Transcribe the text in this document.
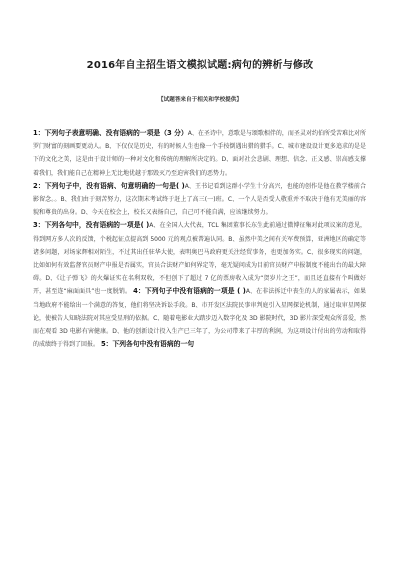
2016年自主招生语文模拟试题:病句的辨析与修改
【试题答来自于相关和学校提供】
1：下列句子表意明确、没有语病的一项是（3 分）A、在圣诗中，意歌是与颂歌相伴的，而圣灵对约伯所受苦难比对所罗门财富的刻画要更动人。B、下仅仅是历史，有的时候人生也像一个手按倒遇出猎的猎手。C、城市建设设计更多追求的是是下的文化之美，这是由于设计师的一种对文化和传统的理解所决定的。D、面对社会悲剧、理想、信念、正义感、崇高感支撑着我们，我们能自己在精神上无比地优越于那毁灭乃至迫害我们的恶势力。
2：下列句子中，没有语病、句意明确的一句是( )A、王书记看到这群小学生十分高兴，也能的创作是他在教学楼前合影留念。。B、我们由于刻苦努力，这次期末考试终于赶上了高三(一)班。C、一个人是否受人敬重并不取决于他有无美丽的容貌和尊贵的出身。D、今天在校会上，校长又表扬自己，自己可不能自满，应该继续努力。
3：下列各句中，没有语病的一项是( )A、在全国人大代表，TCL 集团董事长东生此前通过微博征集对此项议案的意见，得到网方多人次的反馈，个税起征点提高到 5000 元的观点被普遍认同。B、虽然中美之间有关军费预算，亚洲地区的确定等诸多问题，对场家辉相对陌生，不过其出任驻华大使，表明奥巴马政府更关注经贸事务，也更加务实。C、很多现实的问题，比如如何有效监督官员财产申报是否属实，官员合法财产如何界定等，毫无疑问成为目前官员财产申报制度不能出台的最大障碍。D、《让子弹飞》的火爆证实在名利双收，不但创下了超过 7 亿的票房收入成为“贺岁片之王”，而且还直接有个叫做好开，甚至连“麻面面具”也一度脱销。 4：下列句子中没有语病的一项是 ( )A、在非法拆迁中丧生的人的家属表示，如果当地政府不能给出一个满意的答复，他们将坚决诉讼手段。B、市开发区法院民事审判庭引入星网探论机制，通过取审星网探论，使被告人知晓法院对其应受星刑的依据。C、随着电影业大踏步迈入数字化及 3D 影院时代，3D 影片深受观众所喜爱，然而在观看 3D 电影有害健康。D、他的创新设计投入生产已三年了，为公司带来了丰厚的利润，为这项设计付出的劳动和取得的成绩终于得到了回报。 5：下列各句中没有语病的一句
